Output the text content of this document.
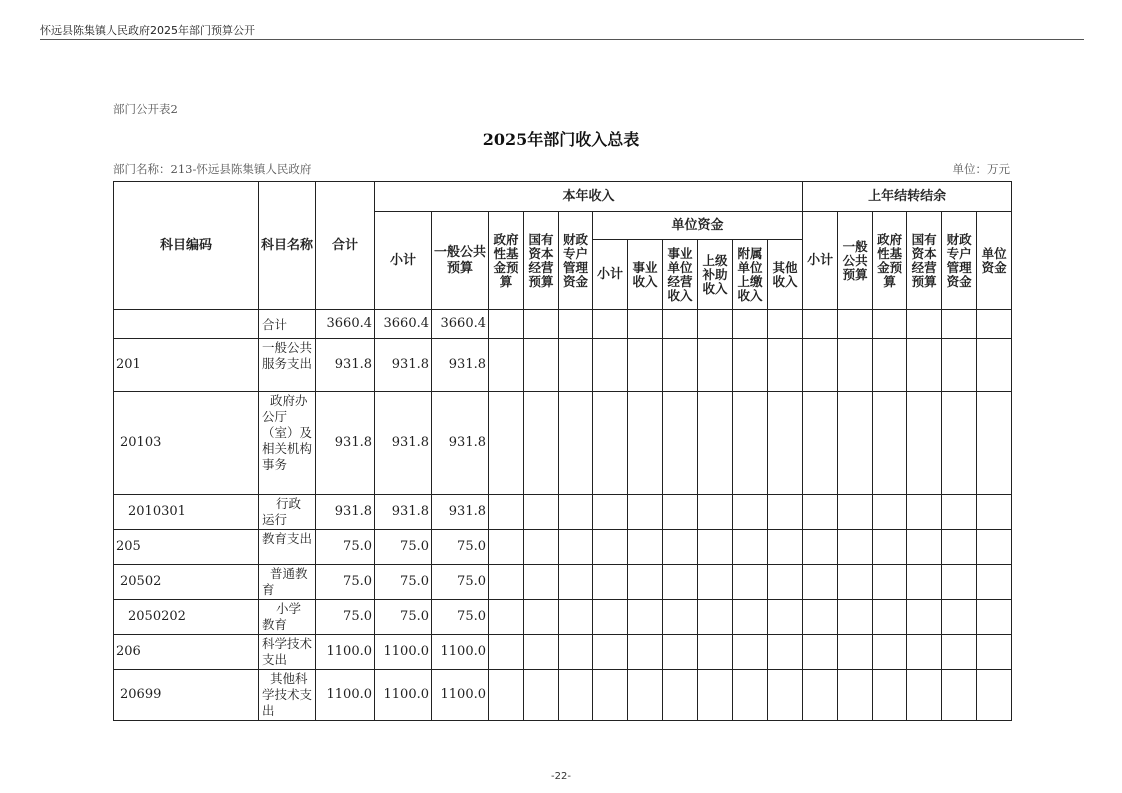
怀远县陈集镇人民政府2025年部门预算公开
部门公开表2
2025年部门收入总表
部门名称：213-怀远县陈集镇人民政府	单位：万元
科目编码	科目名称	合计	本年收入											上年结转结余					
			小计	一般公共预算	政府性基金预算	国有资本经营预算	财政专户管理资金	单位资金						小计	一般公共预算	政府性基金预算	国有资本经营预算	财政专户管理资金	单位资金
								小计	事业收入	事业单位经营收入	上级补助收入	附属单位上缴收入	其他收入						
	合计	3660.4	3660.4	3660.4															
201	一般公共服务支出	931.8	931.8	931.8															
20103	政府办公厅（室）及相关机构事务	931.8	931.8	931.8															
2010301	行政运行	931.8	931.8	931.8															
205	教育支出	75.0	75.0	75.0															
20502	普通教育	75.0	75.0	75.0															
2050202	小学教育	75.0	75.0	75.0															
206	科学技术支出	1100.0	1100.0	1100.0															
20699	其他科学技术支出	1100.0	1100.0	1100.0															
-22-
